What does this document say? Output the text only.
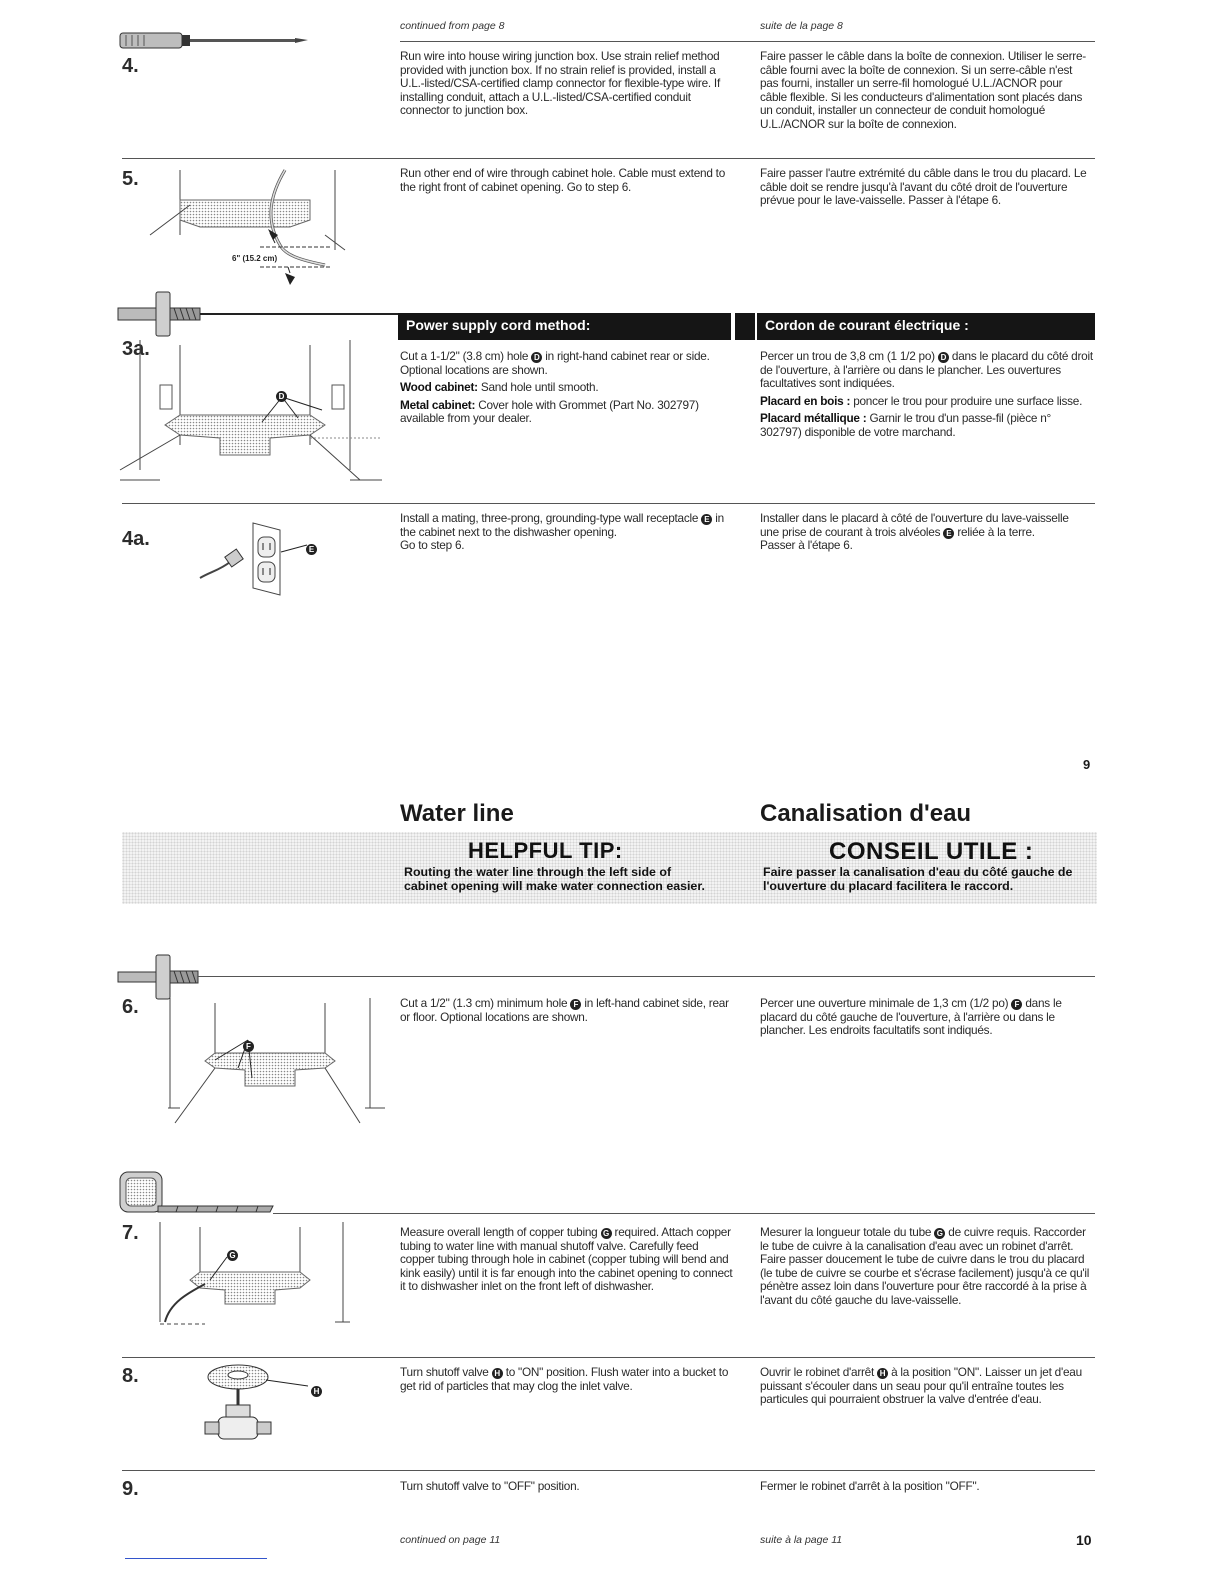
continued from page 8	suite de la page 8
4.	Run wire into house wiring junction box. Use strain relief method provided with junction box. If no strain relief is provided, install a U.L.-listed/CSA-certified clamp connector for flexible-type wire. If installing conduit, attach a U.L.-listed/CSA-certified conduit connector to junction box.

Faire passer le câble dans la boîte de connexion. Utiliser le serre-câble fourni avec la boîte de connexion. Si un serre-câble n'est pas fourni, installer un serre-fil homologué U.L./ACNOR pour câble flexible. Si les conducteurs d'alimentation sont placés dans un conduit, installer un connecteur de conduit homologué U.L./ACNOR sur la boîte de connexion.

5.
6" (15.2 cm)

Run other end of wire through cabinet hole. Cable must extend to the right front of cabinet opening. Go to step 6.

Faire passer l'autre extrémité du câble dans le trou du placard. Le câble doit se rendre jusqu'à l'avant du côté droit de l'ouverture prévue pour le lave-vaisselle. Passer à l'étape 6.

Power supply cord method:	Cordon de courant électrique :
3a.
D

Cut a 1-1/2" (3.8 cm) hole D in right-hand cabinet rear or side. Optional locations are shown.

Wood cabinet: Sand hole until smooth.

Metal cabinet: Cover hole with Grommet (Part No. 302797) available from your dealer.

Percer un trou de 3,8 cm (1 1/2 po) D dans le placard du côté droit de l'ouverture, à l'arrière ou dans le plancher. Les ouvertures facultatives sont indiquées.

Placard en bois : poncer le trou pour produire une surface lisse.

Placard métallique : Garnir le trou d'un passe-fil (pièce n° 302797) disponible de votre marchand.

4a.	E

Install a mating, three-prong, grounding-type wall receptacle E in the cabinet next to the dishwasher opening.

Go to step 6.

Installer dans le placard à côté de l'ouverture du lave-vaisselle une prise de courant à trois alvéoles E reliée à la terre.

Passer à l'étape 6.

9
Water line	Canalisation d'eau
HELPFUL TIP:
Routing the water line through the left side of cabinet opening will make water connection easier.
CONSEIL UTILE :
Faire passer la canalisation d'eau du côté gauche de l'ouverture du placard facilitera le raccord.
6.
F

Cut a 1/2" (1.3 cm) minimum hole F in left-hand cabinet side, rear or floor. Optional locations are shown.

Percer une ouverture minimale de 1,3 cm (1/2 po) F dans le placard du côté gauche de l'ouverture, à l'arrière ou dans le plancher. Les endroits facultatifs sont indiqués.

7.
G

Measure overall length of copper tubing G required. Attach copper tubing to water line with manual shutoff valve. Carefully feed copper tubing through hole in cabinet (copper tubing will bend and kink easily) until it is far enough into the cabinet opening to connect it to dishwasher inlet on the front left of dishwasher.

Mesurer la longueur totale du tube G de cuivre requis. Raccorder le tube de cuivre à la canalisation d'eau avec un robinet d'arrêt. Faire passer doucement le tube de cuivre dans le trou du placard (le tube de cuivre se courbe et s'écrase facilement) jusqu'à ce qu'il pénètre assez loin dans l'ouverture pour être raccordé à la prise à l'avant du côté gauche du lave-vaisselle.

8.
H

Turn shutoff valve H to "ON" position. Flush water into a bucket to get rid of particles that may clog the inlet valve.

Ouvrir le robinet d'arrêt H à la position "ON". Laisser un jet d'eau puissant s'écouler dans un seau pour qu'il entraîne toutes les particules qui pourraient obstruer la valve d'entrée d'eau.

9.	Turn shutoff valve to "OFF" position.	Fermer le robinet d'arrêt à la position "OFF".

continued on page 11	suite à la page 11	10
